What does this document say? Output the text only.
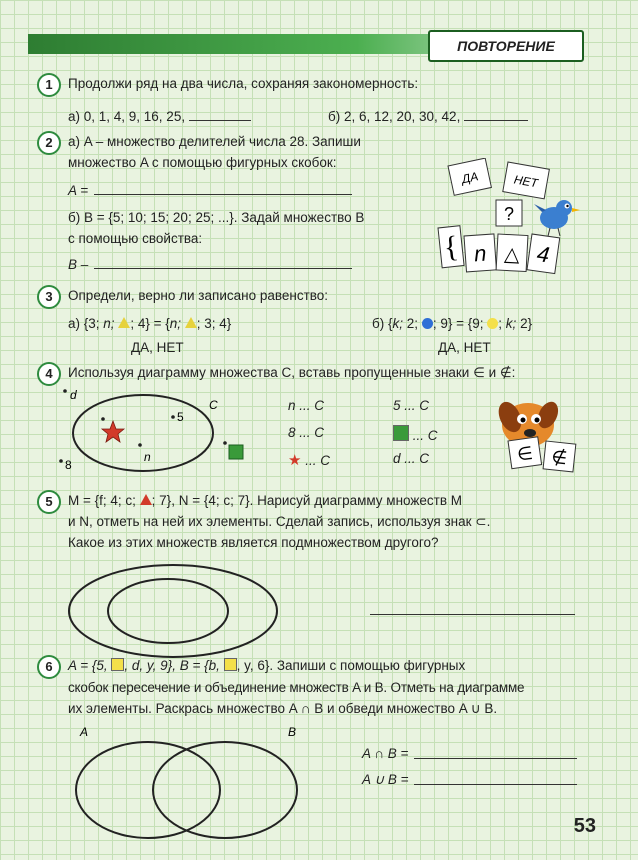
ПОВТОРЕНИЕ
1	Продолжи ряд на два числа, сохраняя закономерность:
а) 0, 1, 4, 9, 16, 25,	б) 2, 6, 12, 20, 30, 42,
2	а) A – множество делителей числа 28. Запиши
множество A с помощью фигурных скобок:
A =
б) B = {5; 10; 15; 20; 25; ...}. Задай множество B
с помощью свойства:
B –
ДА	НЕТ
?
{ n △ 4
3	Определи, верно ли записано равенство:
а) {3; n; ; 4} = {n; ; 3; 4}
ДА, НЕТ
б) {k; 2; ; 9} = {9; ; k; 2}
ДА, НЕТ
4	Используя диаграмму множества C, вставь пропущенные знаки ∈ и ∉:
d
C
5
n
8
n ... C	5 ... C
8 ... C	... C
★ ... C	d ... C	∈ ∉
5	M = {f; 4; c; ; 7}, N = {4; c; 7}. Нарисуй диаграмму множеств M
и N, отметь на ней их элементы. Сделай запись, используя знак ⊂.
Какое из этих множеств является подмножеством другого?
6	A = {5, , d, y, 9}, B = {b, , y, 6}. Запиши с помощью фигурных
скобок пересечение и объединение множеств A и B. Отметь на диаграмме
их элементы. Раскрась множество A ∩ B и обведи множество A ∪ B.
A	B
A ∩ B =
A ∪ B =
53
